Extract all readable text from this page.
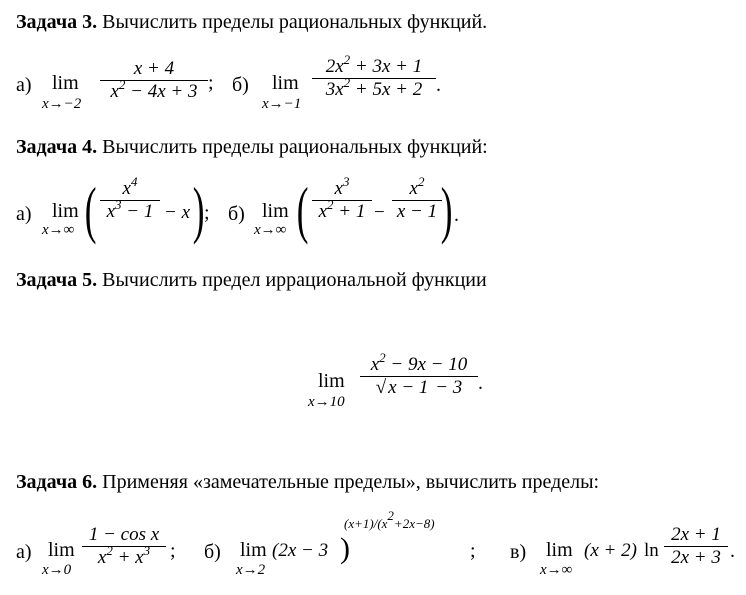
Задача 3. Вычислить пределы рациональных функций.
а) lim
x→−2
x + 4
$x^2 - 4x + 3$ ; б) lim
x→−1
$2x^2 + 3x + 1$
$3x^2 + 5x + 2$ .
Задача 4. Вычислить пределы рациональных функций:
а) lim
x→∞ (	$x^4$
$x^3 - 1 - x$ ) ; б) lim
x→∞ (	$x^3$
$x^2 + 1$ −
$x^2$
x − 1 ) .
Задача 5. Вычислить предел иррациональной функции
lim
x→10
$x^2 - 9x - 10$
√ x − 1 − 3 .
Задача 6. Применяя «замечательные пределы», вычислить пределы:
а) lim
x→0
1 − cos x
$x^2 + x^3$ ; б) lim
x→2
(2x − 3 )
$(x+1)/(x^2+2x-8)$
; в) lim
x→∞
(x + 2) ln
2x + 1
2x + 3 .
